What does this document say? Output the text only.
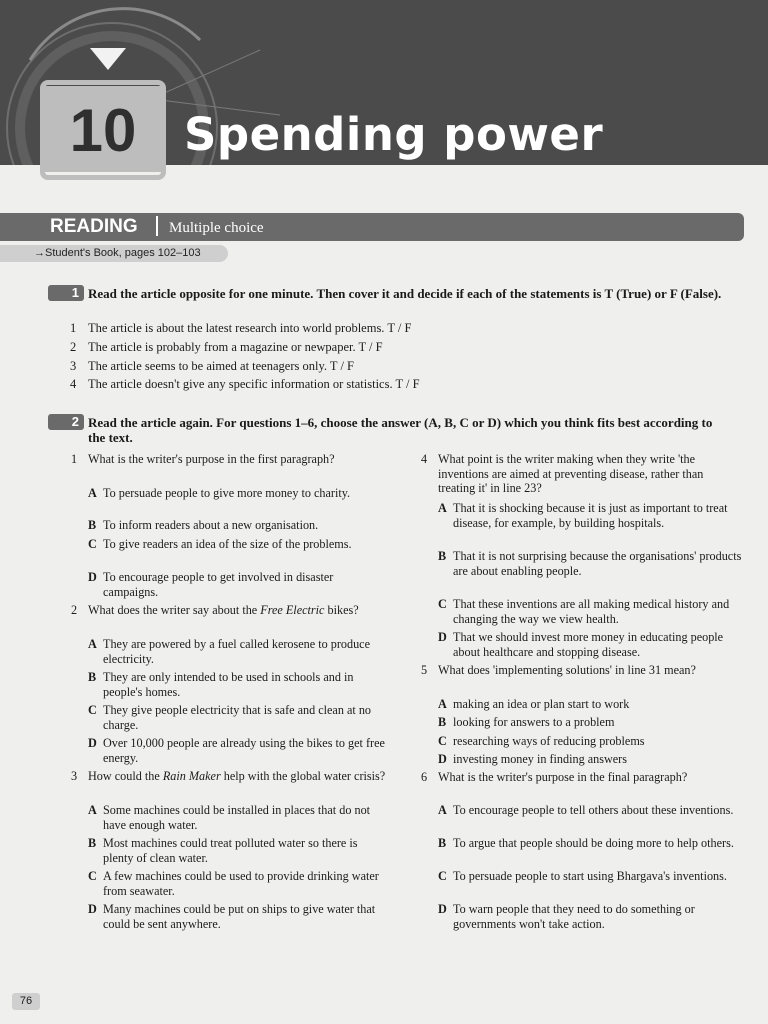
10	Spending power
READING Multiple choice
→Student's Book, pages 102–103
1 Read the article opposite for one minute. Then cover it and decide if each of the statements is T (True) or F (False).
1 The article is about the latest research into world problems. T / F
2 The article is probably from a magazine or newpaper. T / F
3 The article seems to be aimed at teenagers only. T / F
4 The article doesn't give any specific information or statistics. T / F
2 Read the article again. For questions 1–6, choose the answer (A, B, C or D) which you think fits best according to the text.
1 What is the writer's purpose in the first paragraph?
A To persuade people to give more money to charity.
B To inform readers about a new organisation.
C To give readers an idea of the size of the problems.
D To encourage people to get involved in disaster campaigns.
2 What does the writer say about the Free Electric bikes?
A They are powered by a fuel called kerosene to produce electricity.
B They are only intended to be used in schools and in people's homes.
C They give people electricity that is safe and clean at no charge.
D Over 10,000 people are already using the bikes to get free energy.
3 How could the Rain Maker help with the global water crisis?
A Some machines could be installed in places that do not have enough water.
B Most machines could treat polluted water so there is plenty of clean water.
C A few machines could be used to provide drinking water from seawater.
D Many machines could be put on ships to give water that could be sent anywhere.
4 What point is the writer making when they write 'the inventions are aimed at preventing disease, rather than treating it' in line 23?
A That it is shocking because it is just as important to treat disease, for example, by building hospitals.
B That it is not surprising because the organisations' products are about enabling people.
C That these inventions are all making medical history and changing the way we view health.
D That we should invest more money in educating people about healthcare and stopping disease.
5 What does 'implementing solutions' in line 31 mean?
A making an idea or plan start to work
B looking for answers to a problem
C researching ways of reducing problems
D investing money in finding answers
6 What is the writer's purpose in the final paragraph?
A To encourage people to tell others about these inventions.
B To argue that people should be doing more to help others.
C To persuade people to start using Bhargava's inventions.
D To warn people that they need to do something or governments won't take action.
76
